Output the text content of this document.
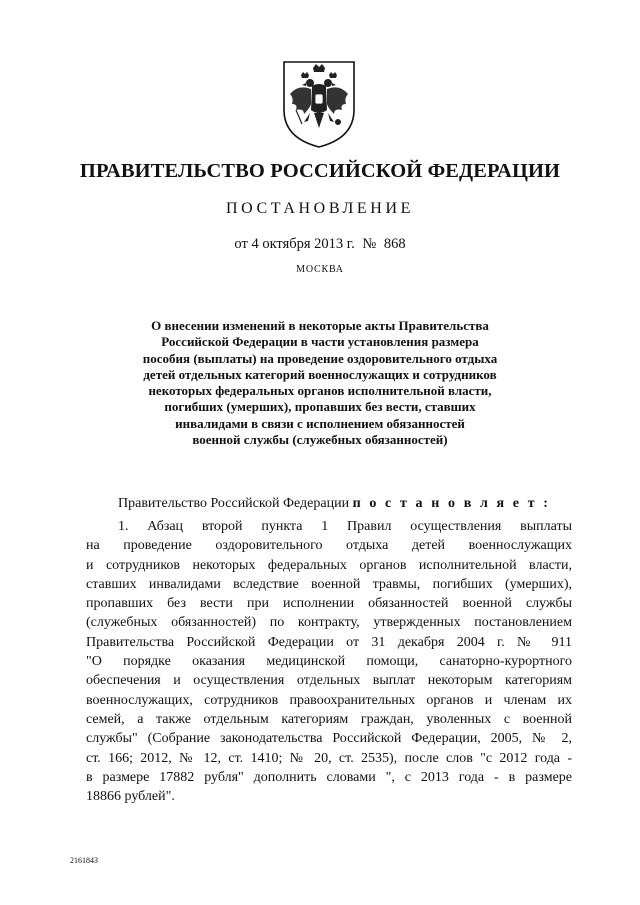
ПРАВИТЕЛЬСТВО РОССИЙСКОЙ ФЕДЕРАЦИИ
ПОСТАНОВЛЕНИЕ
от 4 октября 2013 г. № 868
МОСКВА
О внесении изменений в некоторые акты Правительства
Российской Федерации в части установления размера
пособия (выплаты) на проведение оздоровительного отдыха
детей отдельных категорий военнослужащих и сотрудников
некоторых федеральных органов исполнительной власти,
погибших (умерших), пропавших без вести, ставших
инвалидами в связи с исполнением обязанностей
военной службы (служебных обязанностей)
Правительство Российской Федерации п о с т а н о в л я е т :
1. Абзац второй пункта 1 Правил осуществления выплаты
на проведение оздоровительного отдыха детей военнослужащих
и сотрудников некоторых федеральных органов исполнительной власти,
ставших инвалидами вследствие военной травмы, погибших (умерших),
пропавших без вести при исполнении обязанностей военной службы
(служебных обязанностей) по контракту, утвержденных постановлением
Правительства Российской Федерации от 31 декабря 2004 г. № 911
"О порядке оказания медицинской помощи, санаторно-курортного
обеспечения и осуществления отдельных выплат некоторым категориям
военнослужащих, сотрудников правоохранительных органов и членам их
семей, а также отдельным категориям граждан, уволенных с военной
службы" (Собрание законодательства Российской Федерации, 2005, № 2,
ст. 166; 2012, № 12, ст. 1410; № 20, ст. 2535), после слов "с 2012 года -
в размере 17882 рубля" дополнить словами ", с 2013 года - в размере
18866 рублей".
2161843
